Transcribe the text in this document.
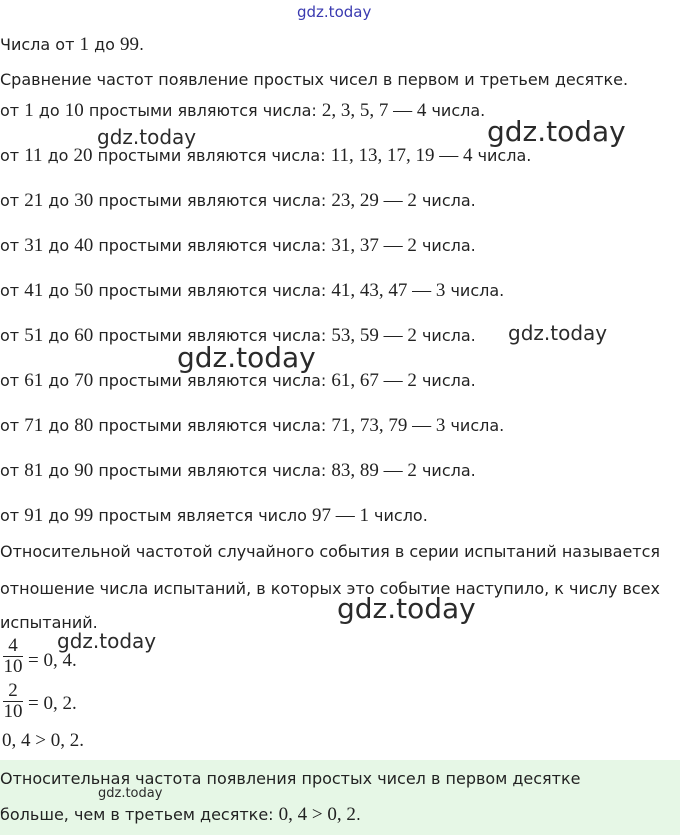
gdz.today
gdz.today	gdz.today
gdz.today
gdz.today
gdz.today
gdz.today
gdz.today
Числа от 1 до 99.
Сравнение частот появление простых чисел в первом и третьем десятке.
от 1 до 10 простыми являются числа: 2, 3, 5, 7 — 4 числа.
от 11 до 20 простыми являются числа: 11, 13, 17, 19 — 4 числа.
от 21 до 30 простыми являются числа: 23, 29 — 2 числа.
от 31 до 40 простыми являются числа: 31, 37 — 2 числа.
от 41 до 50 простыми являются числа: 41, 43, 47 — 3 числа.
от 51 до 60 простыми являются числа: 53, 59 — 2 числа.
от 61 до 70 простыми являются числа: 61, 67 — 2 числа.
от 71 до 80 простыми являются числа: 71, 73, 79 — 3 числа.
от 81 до 90 простыми являются числа: 83, 89 — 2 числа.
от 91 до 99 простым является число 97 — 1 число.
Относительной частотой случайного события в серии испытаний называется
отношение числа испытаний, в которых это событие наступило, к числу всех
испытаний.
4
10 = 0, 4.
2
10 = 0, 2.
0, 4 > 0, 2.
Относительная частота появления простых чисел в первом десятке
больше, чем в третьем десятке: 0, 4 > 0, 2.
